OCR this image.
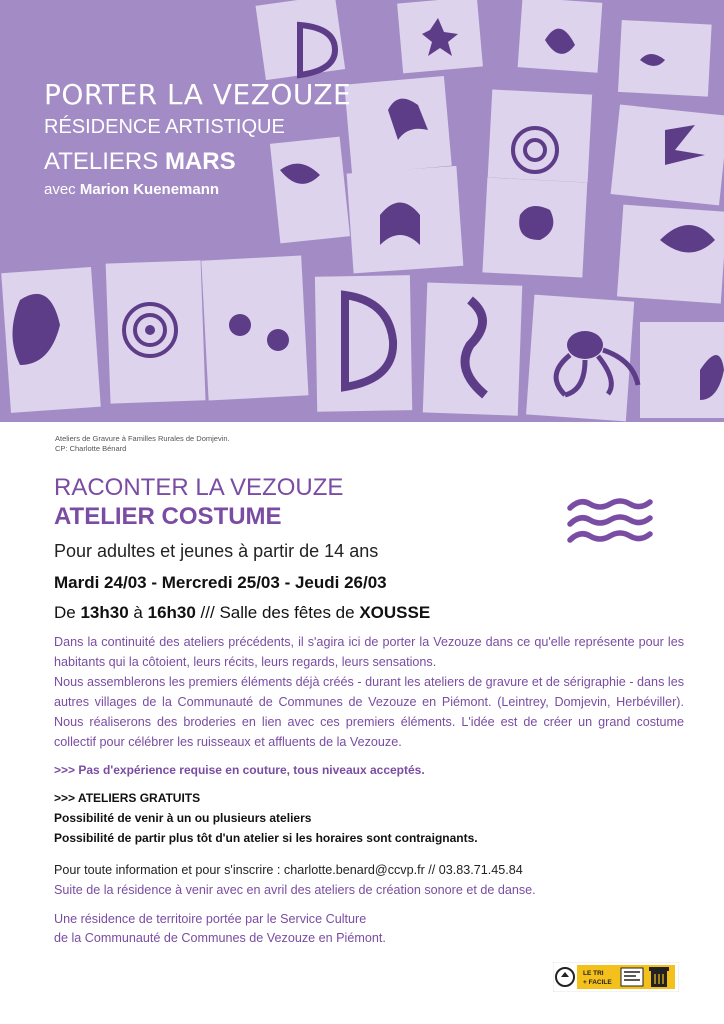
PORTER LA VEZOUZE
RÉSIDENCE ARTISTIQUE
ATELIERS MARS
avec Marion Kuenemann
Ateliers de Gravure à Familles Rurales de Domjevin.
CP: Charlotte Bénard
RACONTER LA VEZOUZE
ATELIER COSTUME
Pour adultes et jeunes à partir de 14 ans
Mardi 24/03 - Mercredi 25/03 - Jeudi 26/03
De 13h30 à 16h30 /// Salle des fêtes de XOUSSE
Dans la continuité des ateliers précédents, il s'agira ici de porter la Vezouze dans ce qu'elle représente pour les habitants qui la côtoient, leurs récits, leurs regards, leurs sensations.
Nous assemblerons les premiers éléments déjà créés - durant les ateliers de gravure et de sérigraphie - dans les autres villages de la Communauté de Communes de Vezouze en Piémont. (Leintrey, Domjevin, Herbéviller). Nous réaliserons des broderies en lien avec ces premiers éléments. L'idée est de créer un grand costume collectif pour célébrer les ruisseaux et affluents de la Vezouze.
>>> Pas d'expérience requise en couture, tous niveaux acceptés.
>>> ATELIERS GRATUITS
Possibilité de venir à un ou plusieurs ateliers
Possibilité de partir plus tôt d'un atelier si les horaires sont contraignants.
Pour toute information et pour s'inscrire : charlotte.benard@ccvp.fr // 03.83.71.45.84
Suite de la résidence à venir avec en avril des ateliers de création sonore et de danse.
Une résidence de territoire portée par le Service Culture
de la Communauté de Communes de Vezouze en Piémont.
LE TRI
+ FACILE
